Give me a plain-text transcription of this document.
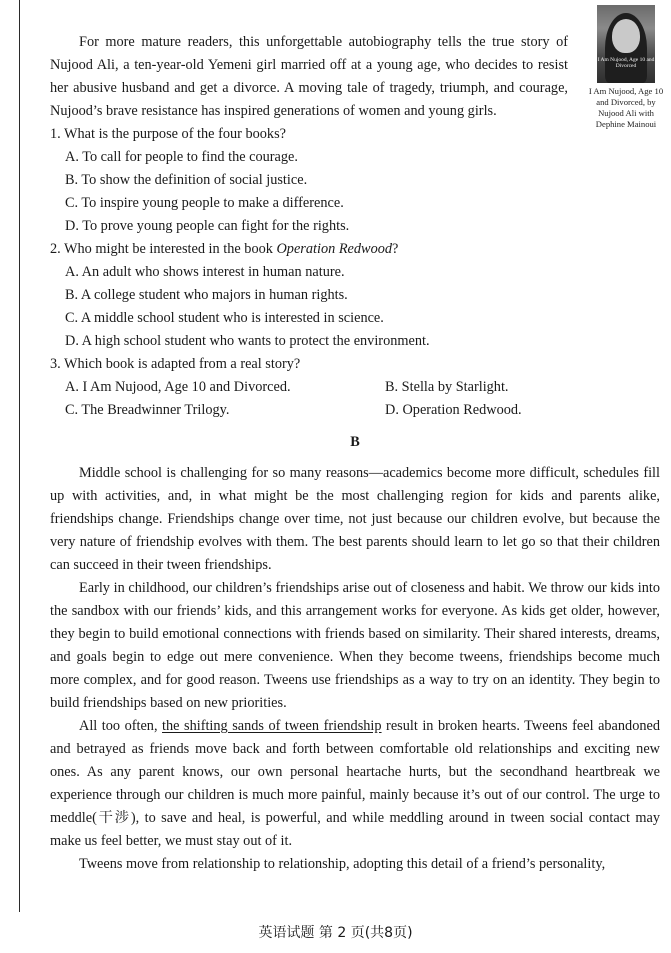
I Am Nujood, Age 10 and Divorced
I Am Nujood, Age 10 and Divorced, by Nujood Ali with Dephine Mainoui

For more mature readers, this unforgettable autobiography tells the true story of Nujood Ali, a ten-year-old Yemeni girl married off at a young age, who decides to resist her abusive husband and get a divorce. A moving tale of tragedy, triumph, and courage, Nujood’s brave resistance has inspired generations of women and young girls.

1. What is the purpose of the four books?

A. To call for people to find the courage.

B. To show the definition of social justice.

C. To inspire young people to make a difference.

D. To prove young people can fight for the rights.

2. Who might be interested in the book Operation Redwood?

A. An adult who shows interest in human nature.

B. A college student who majors in human rights.

C. A middle school student who is interested in science.

D. A high school student who wants to protect the environment.

3. Which book is adapted from a real story?

A. I Am Nujood, Age 10 and Divorced.	B. Stella by Starlight.
C. The Breadwinner Trilogy.	D. Operation Redwood.
B

Middle school is challenging for so many reasons—academics become more difficult, schedules fill up with activities, and, in what might be the most challenging region for kids and parents alike, friendships change. Friendships change over time, not just because our children evolve, but because the very nature of friendship evolves with them. The best parents should learn to let go so that their children can succeed in their tween friendships.

Early in childhood, our children’s friendships arise out of closeness and habit. We throw our kids into the sandbox with our friends’ kids, and this arrangement works for everyone. As kids get older, however, they begin to build emotional connections with friends based on similarity. Their shared interests, dreams, and goals begin to edge out mere convenience. When they become tweens, friendships become much more complex, and for good reason. Tweens use friendships as a way to try on an identity. They begin to build friendships based on new priorities.

All too often, the shifting sands of tween friendship result in broken hearts. Tweens feel abandoned and betrayed as friends move back and forth between comfortable old relationships and exciting new ones. As any parent knows, our own personal heartache hurts, but the secondhand heartbreak we experience through our children is much more painful, mainly because it’s out of our control. The urge to meddle(干涉), to save and heal, is powerful, and while meddling around in tween social contact may make us feel better, we must stay out of it.

Tweens move from relationship to relationship, adopting this detail of a friend’s personality,

英语试题 第 2 页(共8页)
